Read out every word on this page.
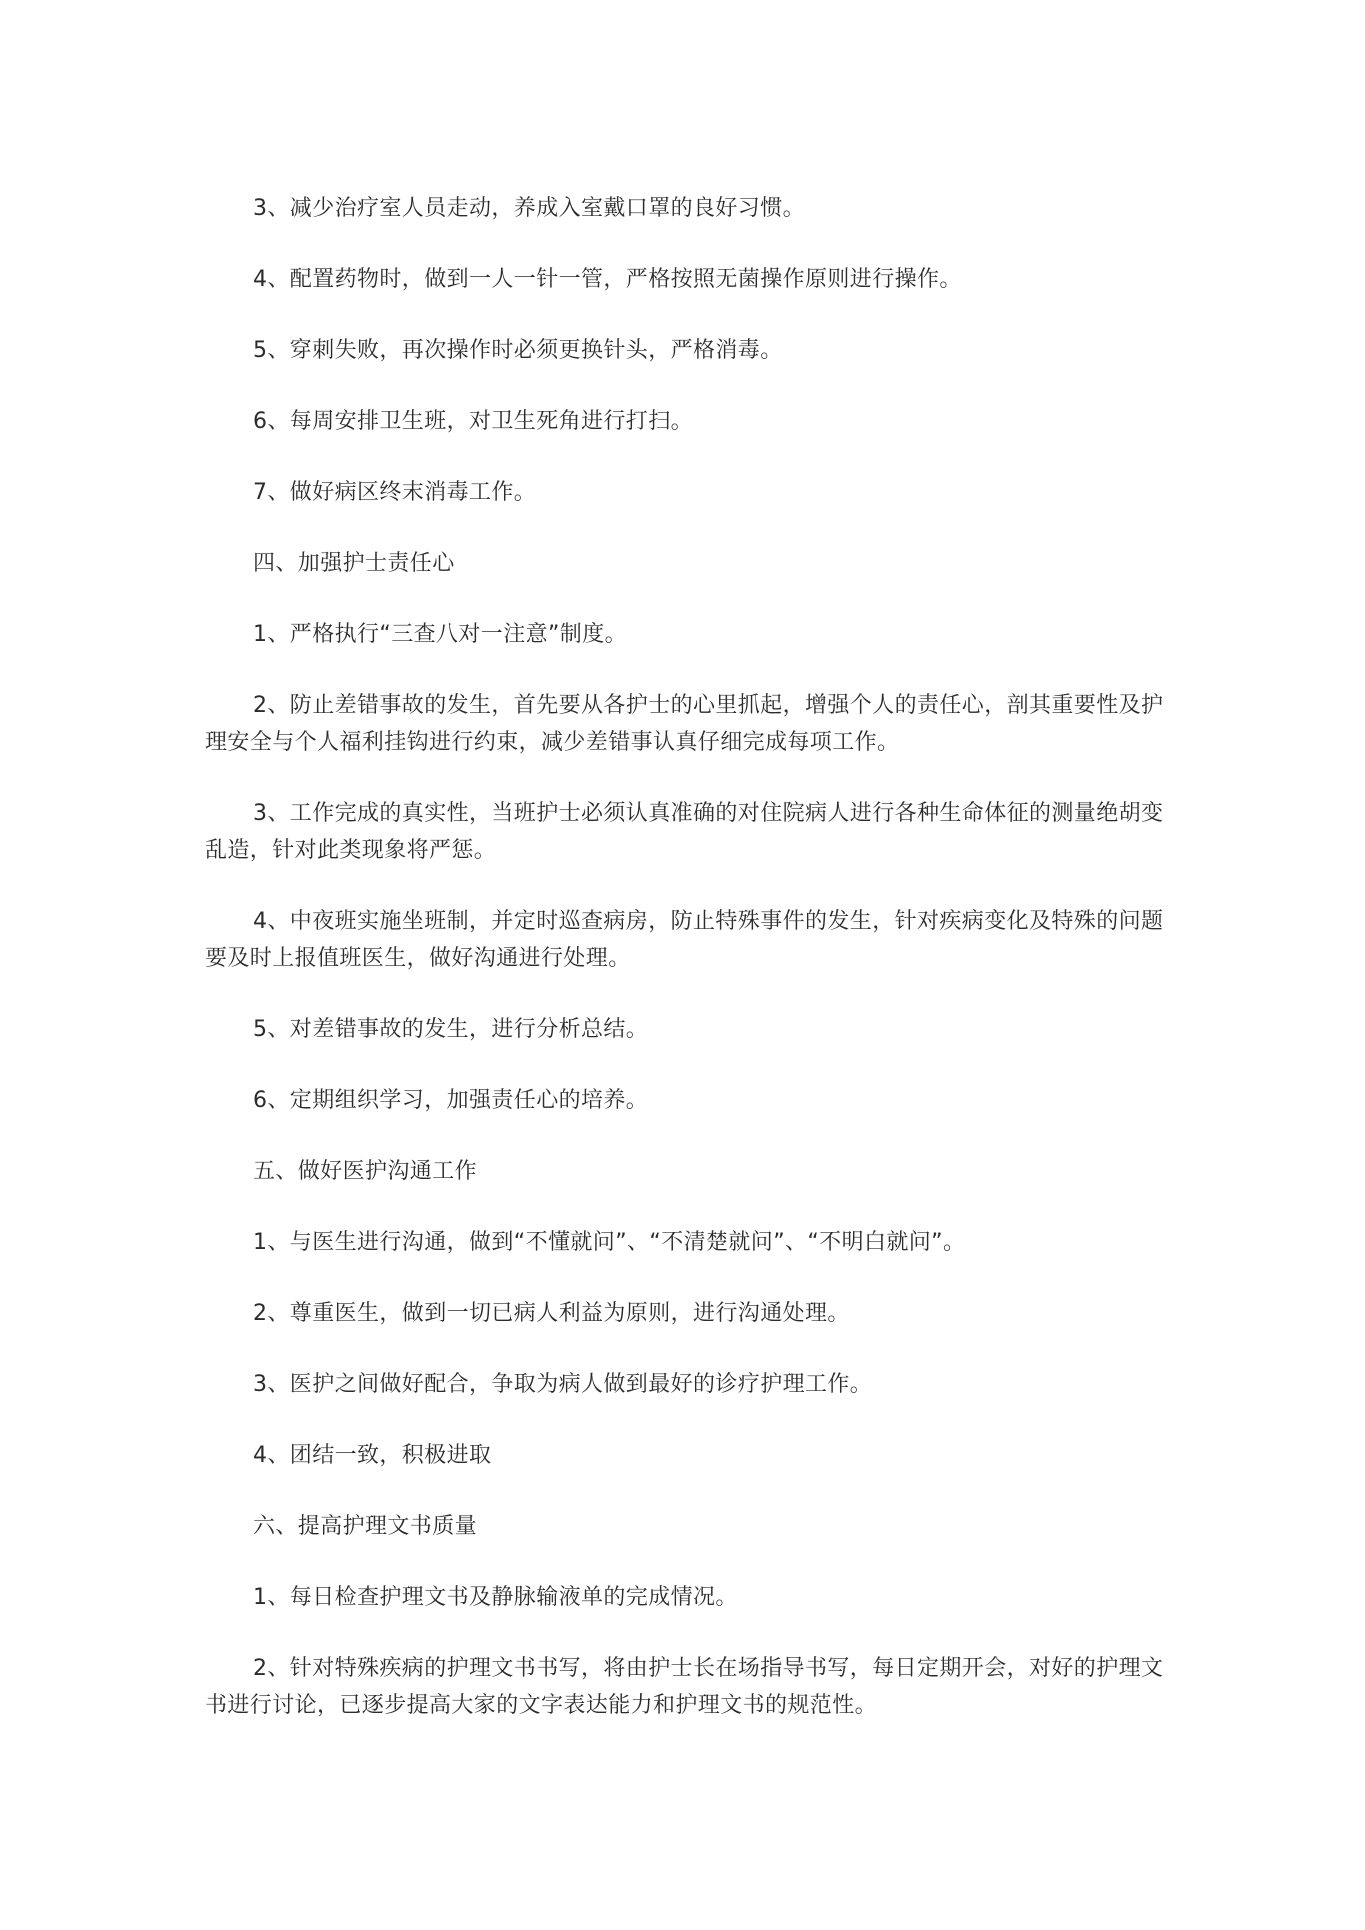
3、减少治疗室人员走动，养成入室戴口罩的良好习惯。

4、配置药物时，做到一人一针一管，严格按照无菌操作原则进行操作。

5、穿刺失败，再次操作时必须更换针头，严格消毒。

6、每周安排卫生班，对卫生死角进行打扫。

7、做好病区终末消毒工作。

四、加强护士责任心

1、严格执行“三查八对一注意”制度。

2、防止差错事故的发生，首先要从各护士的心里抓起，增强个人的责任心，剖其重要性及护理安全与个人福利挂钩进行约束，减少差错事认真仔细完成每项工作。

3、工作完成的真实性，当班护士必须认真准确的对住院病人进行各种生命体征的测量绝胡变乱造，针对此类现象将严惩。

4、中夜班实施坐班制，并定时巡查病房，防止特殊事件的发生，针对疾病变化及特殊的问题要及时上报值班医生，做好沟通进行处理。

5、对差错事故的发生，进行分析总结。

6、定期组织学习，加强责任心的培养。

五、做好医护沟通工作

1、与医生进行沟通，做到“不懂就问”、“不清楚就问”、“不明白就问”。

2、尊重医生，做到一切已病人利益为原则，进行沟通处理。

3、医护之间做好配合，争取为病人做到最好的诊疗护理工作。

4、团结一致，积极进取

六、提高护理文书质量

1、每日检查护理文书及静脉输液单的完成情况。

2、针对特殊疾病的护理文书书写，将由护士长在场指导书写，每日定期开会，对好的护理文书进行讨论，已逐步提高大家的文字表达能力和护理文书的规范性。
